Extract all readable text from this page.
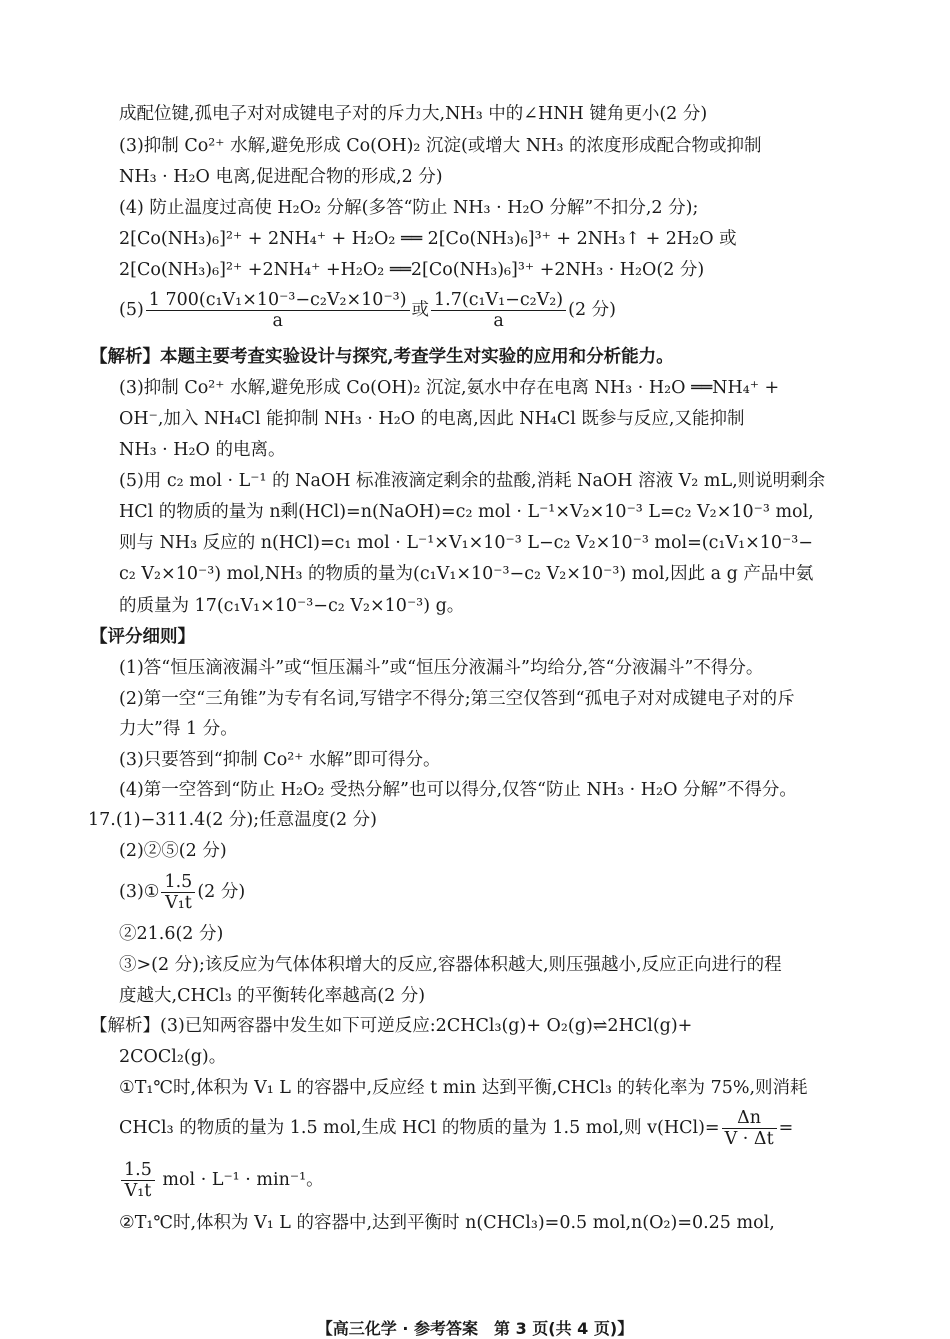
成配位键,孤电子对对成键电子对的斥力大,NH₃ 中的∠HNH 键角更小(2 分)
(3)抑制 Co²⁺ 水解,避免形成 Co(OH)₂ 沉淀(或增大 NH₃ 的浓度形成配合物或抑制
NH₃ · H₂O 电离,促进配合物的形成,2 分)
(4) 防止温度过高使 H₂O₂ 分解(多答“防止 NH₃ · H₂O 分解”不扣分,2 分);
2[Co(NH₃)₆]²⁺ + 2NH₄⁺ + H₂O₂ ══ 2[Co(NH₃)₆]³⁺ + 2NH₃↑ + 2H₂O 或
2[Co(NH₃)₆]²⁺ +2NH₄⁺ +H₂O₂ ══2[Co(NH₃)₆]³⁺ +2NH₃ · H₂O(2 分)
$(5) \frac{\text{1 700(c₁V₁×10⁻³−c₂V₂×10⁻³)}}{a}$ 或 $\frac{\text{1.7(c₁V₁−c₂V₂)}}{a} (2$ 分)
【解析】本题主要考查实验设计与探究,考查学生对实验的应用和分析能力。
(3)抑制 Co²⁺ 水解,避免形成 Co(OH)₂ 沉淀,氨水中存在电离 NH₃ · H₂O ══NH₄⁺ +
OH⁻,加入 NH₄Cl 能抑制 NH₃ · H₂O 的电离,因此 NH₄Cl 既参与反应,又能抑制
NH₃ · H₂O 的电离。
(5)用 c₂ mol · L⁻¹ 的 NaOH 标准液滴定剩余的盐酸,消耗 NaOH 溶液 V₂ mL,则说明剩余
HCl 的物质的量为 n剩(HCl)=n(NaOH)=c₂ mol · L⁻¹×V₂×10⁻³ L=c₂ V₂×10⁻³ mol,
则与 NH₃ 反应的 n(HCl)=c₁ mol · L⁻¹×V₁×10⁻³ L−c₂ V₂×10⁻³ mol=(c₁V₁×10⁻³−
c₂ V₂×10⁻³) mol,NH₃ 的物质的量为(c₁V₁×10⁻³−c₂ V₂×10⁻³) mol,因此 a g 产品中氨
的质量为 17(c₁V₁×10⁻³−c₂ V₂×10⁻³) g。
【评分细则】
(1)答“恒压滴液漏斗”或“恒压漏斗”或“恒压分液漏斗”均给分,答“分液漏斗”不得分。
(2)第一空“三角锥”为专有名词,写错字不得分;第三空仅答到“孤电子对对成键电子对的斥
力大”得 1 分。
(3)只要答到“抑制 Co²⁺ 水解”即可得分。
(4)第一空答到“防止 H₂O₂ 受热分解”也可以得分,仅答“防止 NH₃ · H₂O 分解”不得分。
17.(1)−311.4(2 分);任意温度(2 分)
(2)②⑤(2 分)
(3)① $\frac{1.5}{\text{V₁t}} (2$ 分)
②21.6(2 分)
③>(2 分);该反应为气体体积增大的反应,容器体积越大,则压强越小,反应正向进行的程
度越大,CHCl₃ 的平衡转化率越高(2 分)
【解析】(3)已知两容器中发生如下可逆反应:2CHCl₃(g)+ O₂(g)⇌2HCl(g)+
2COCl₂(g)。
①T₁℃时,体积为 V₁ L 的容器中,反应经 t min 达到平衡,CHCl₃ 的转化率为 75%,则消耗
CHCl₃ 的物质的量为 1.5 mol,生成 HCl 的物质的量为 1.5 mol,则 $v(HCl)= \frac{\Delta n}{V \cdot \Delta t}$ =
$\frac{1.5}{\text{V₁t}}$ mol · L⁻¹ · min⁻¹。
②T₁℃时,体积为 V₁ L 的容器中,达到平衡时 n(CHCl₃)=0.5 mol,n(O₂)=0.25 mol,
【高三化学 · 参考答案　第 3 页(共 4 页)】
